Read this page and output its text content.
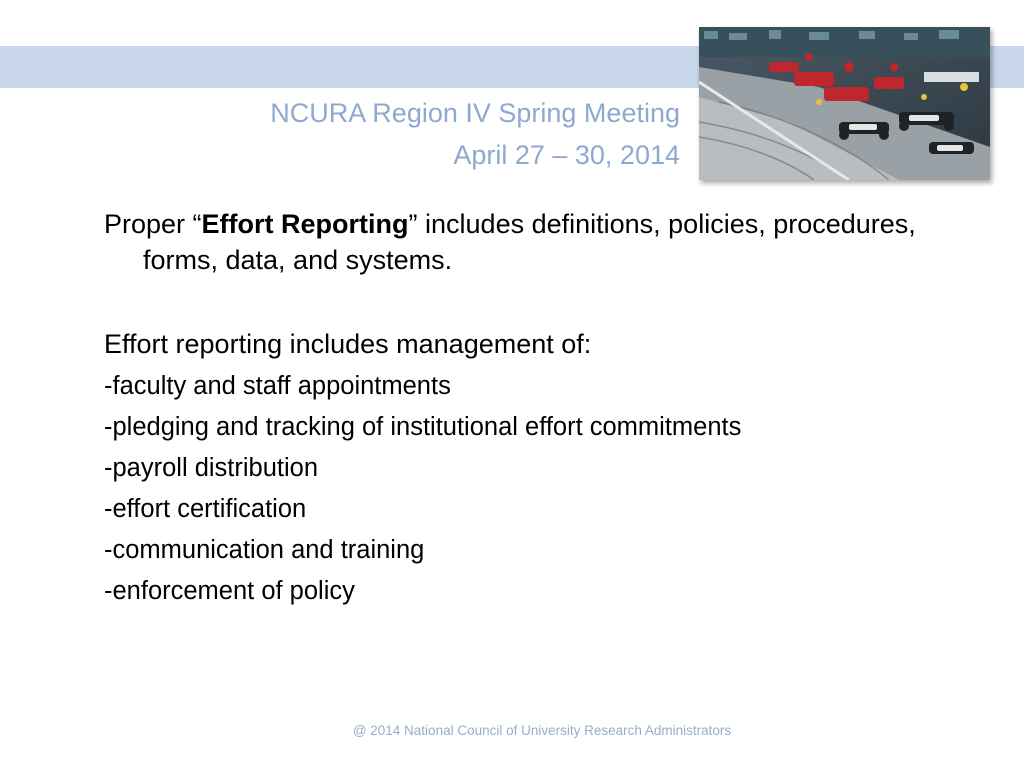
NCURA Region IV Spring Meeting
April 27 – 30, 2014

Proper “Effort Reporting” includes definitions, policies, procedures, forms, data, and systems.

Effort reporting includes management of:

-faculty and staff appointments
-pledging and tracking of institutional effort commitments
-payroll distribution
-effort certification
-communication and training
-enforcement of policy
@ 2014 National Council of University Research Administrators
